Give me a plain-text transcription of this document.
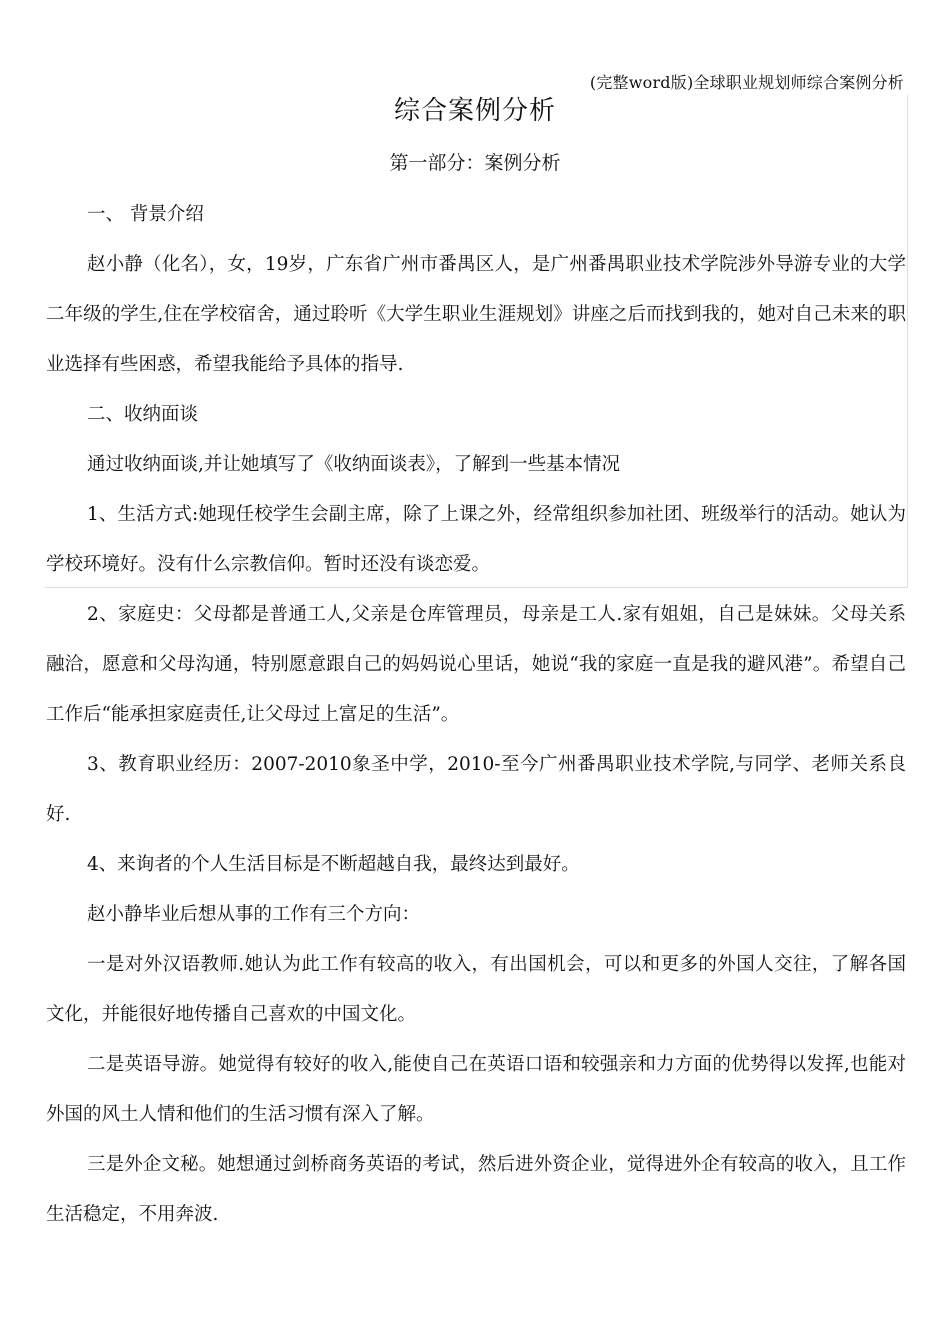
(完整word版)全球职业规划师综合案例分析
综合案例分析
第一部分：案例分析

一、 背景介绍

赵小静（化名），女，19岁，广东省广州市番禺区人，是广州番禺职业技术学院涉外导游专业的大学二年级的学生,住在学校宿舍，通过聆听《大学生职业生涯规划》讲座之后而找到我的，她对自己未来的职业选择有些困惑，希望我能给予具体的指导.

二、收纳面谈

通过收纳面谈,并让她填写了《收纳面谈表》，了解到一些基本情况

1、生活方式:她现任校学生会副主席，除了上课之外，经常组织参加社团、班级举行的活动。她认为学校环境好。没有什么宗教信仰。暂时还没有谈恋爱。

2、家庭史：父母都是普通工人,父亲是仓库管理员，母亲是工人.家有姐姐，自己是妹妹。父母关系融洽，愿意和父母沟通，特别愿意跟自己的妈妈说心里话，她说“我的家庭一直是我的避风港”。希望自己工作后“能承担家庭责任,让父母过上富足的生活”。

3、教育职业经历：2007-2010象圣中学，2010-至今广州番禺职业技术学院,与同学、老师关系良好.

4、来询者的个人生活目标是不断超越自我，最终达到最好。

赵小静毕业后想从事的工作有三个方向：

一是对外汉语教师.她认为此工作有较高的收入，有出国机会，可以和更多的外国人交往，了解各国文化，并能很好地传播自己喜欢的中国文化。

二是英语导游。她觉得有较好的收入,能使自己在英语口语和较强亲和力方面的优势得以发挥,也能对外国的风土人情和他们的生活习惯有深入了解。

三是外企文秘。她想通过剑桥商务英语的考试，然后进外资企业，觉得进外企有较高的收入，且工作生活稳定，不用奔波.
